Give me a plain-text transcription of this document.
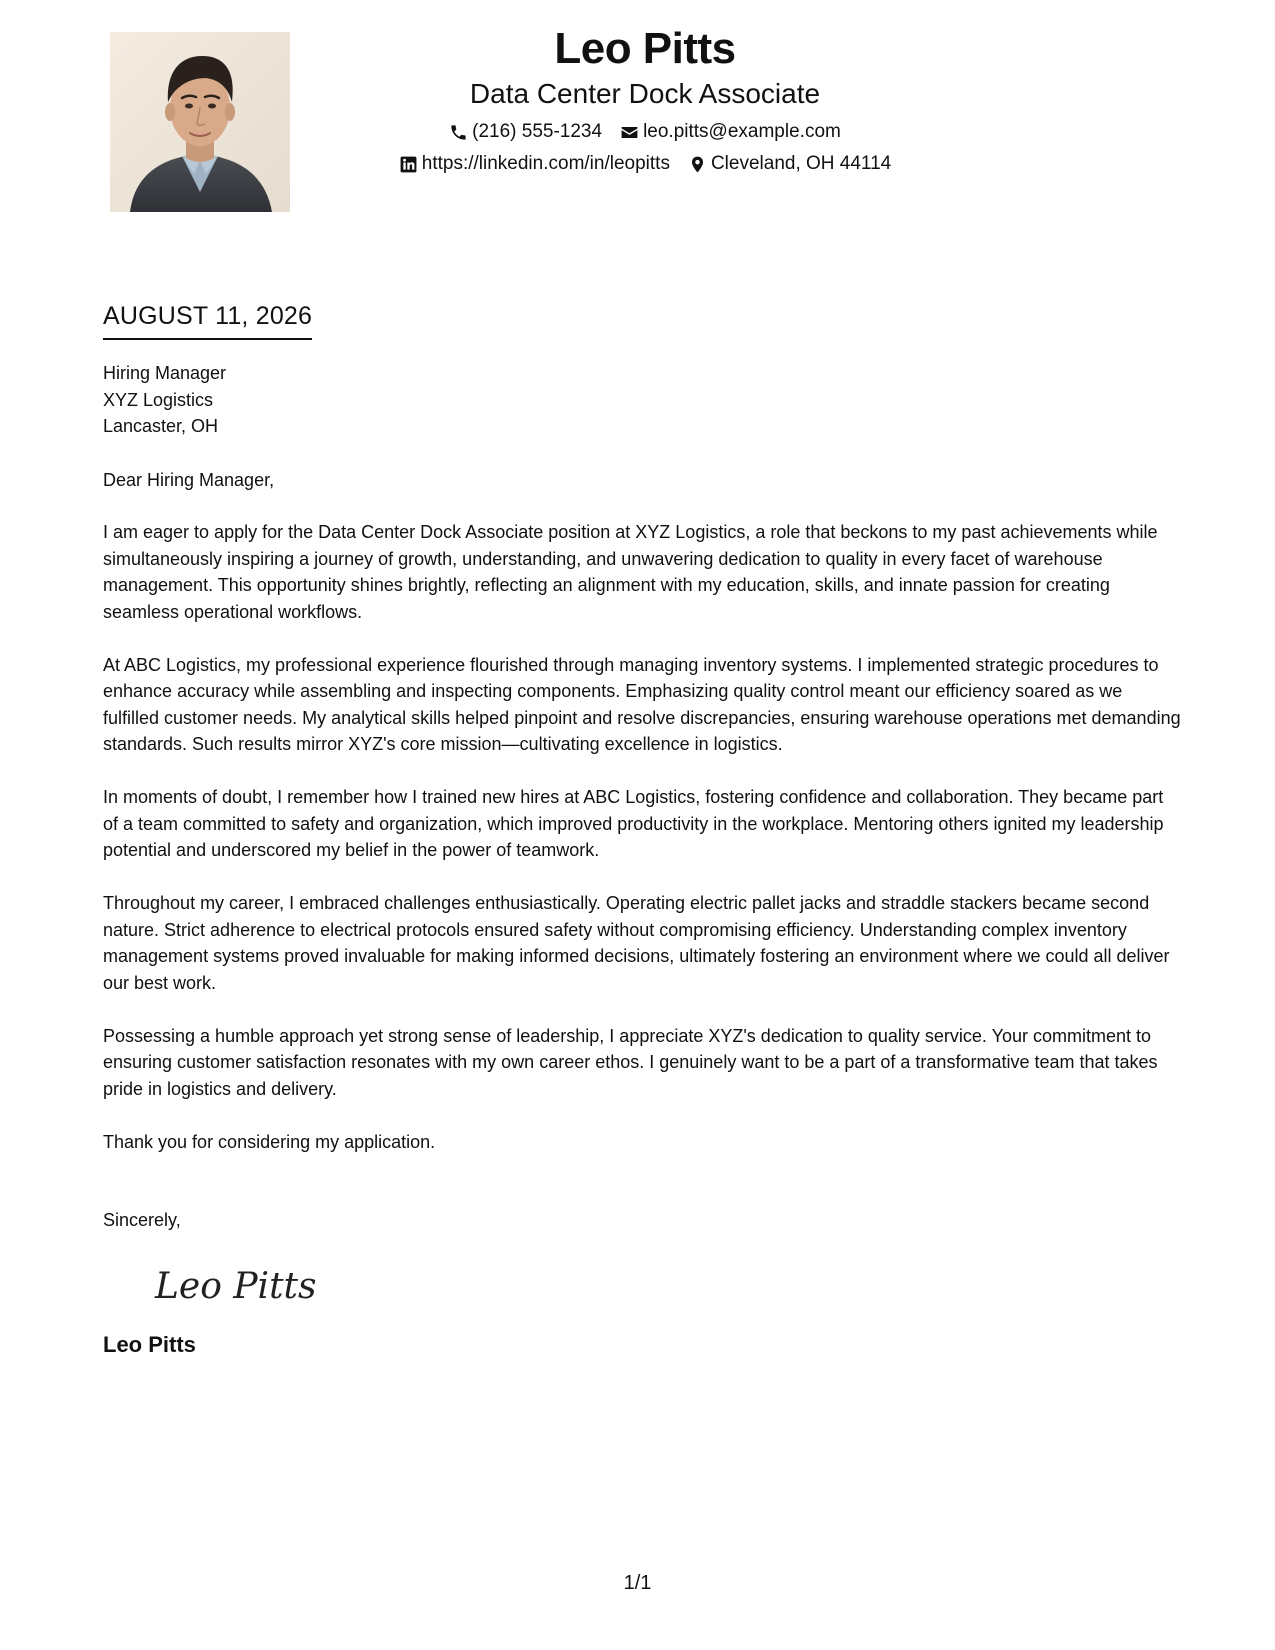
Leo Pitts
Data Center Dock Associate
(216) 555-1234 leo.pitts@example.com
https://linkedin.com/in/leopitts Cleveland, OH 44114
AUGUST 11, 2026

Hiring Manager
XYZ Logistics
Lancaster, OH

Dear Hiring Manager,

I am eager to apply for the Data Center Dock Associate position at XYZ Logistics, a role that beckons to my past achievements while simultaneously inspiring a journey of growth, understanding, and unwavering dedication to quality in every facet of warehouse management. This opportunity shines brightly, reflecting an alignment with my education, skills, and innate passion for creating seamless operational workflows.

At ABC Logistics, my professional experience flourished through managing inventory systems. I implemented strategic procedures to enhance accuracy while assembling and inspecting components. Emphasizing quality control meant our efficiency soared as we fulfilled customer needs. My analytical skills helped pinpoint and resolve discrepancies, ensuring warehouse operations met demanding standards. Such results mirror XYZ's core mission—cultivating excellence in logistics.

In moments of doubt, I remember how I trained new hires at ABC Logistics, fostering confidence and collaboration. They became part of a team committed to safety and organization, which improved productivity in the workplace. Mentoring others ignited my leadership potential and underscored my belief in the power of teamwork.

Throughout my career, I embraced challenges enthusiastically. Operating electric pallet jacks and straddle stackers became second nature. Strict adherence to electrical protocols ensured safety without compromising efficiency. Understanding complex inventory management systems proved invaluable for making informed decisions, ultimately fostering an environment where we could all deliver our best work.

Possessing a humble approach yet strong sense of leadership, I appreciate XYZ's dedication to quality service. Your commitment to ensuring customer satisfaction resonates with my own career ethos. I genuinely want to be a part of a transformative team that takes pride in logistics and delivery.

Thank you for considering my application.

Sincerely,

Leo Pitts

Leo Pitts

1/1
